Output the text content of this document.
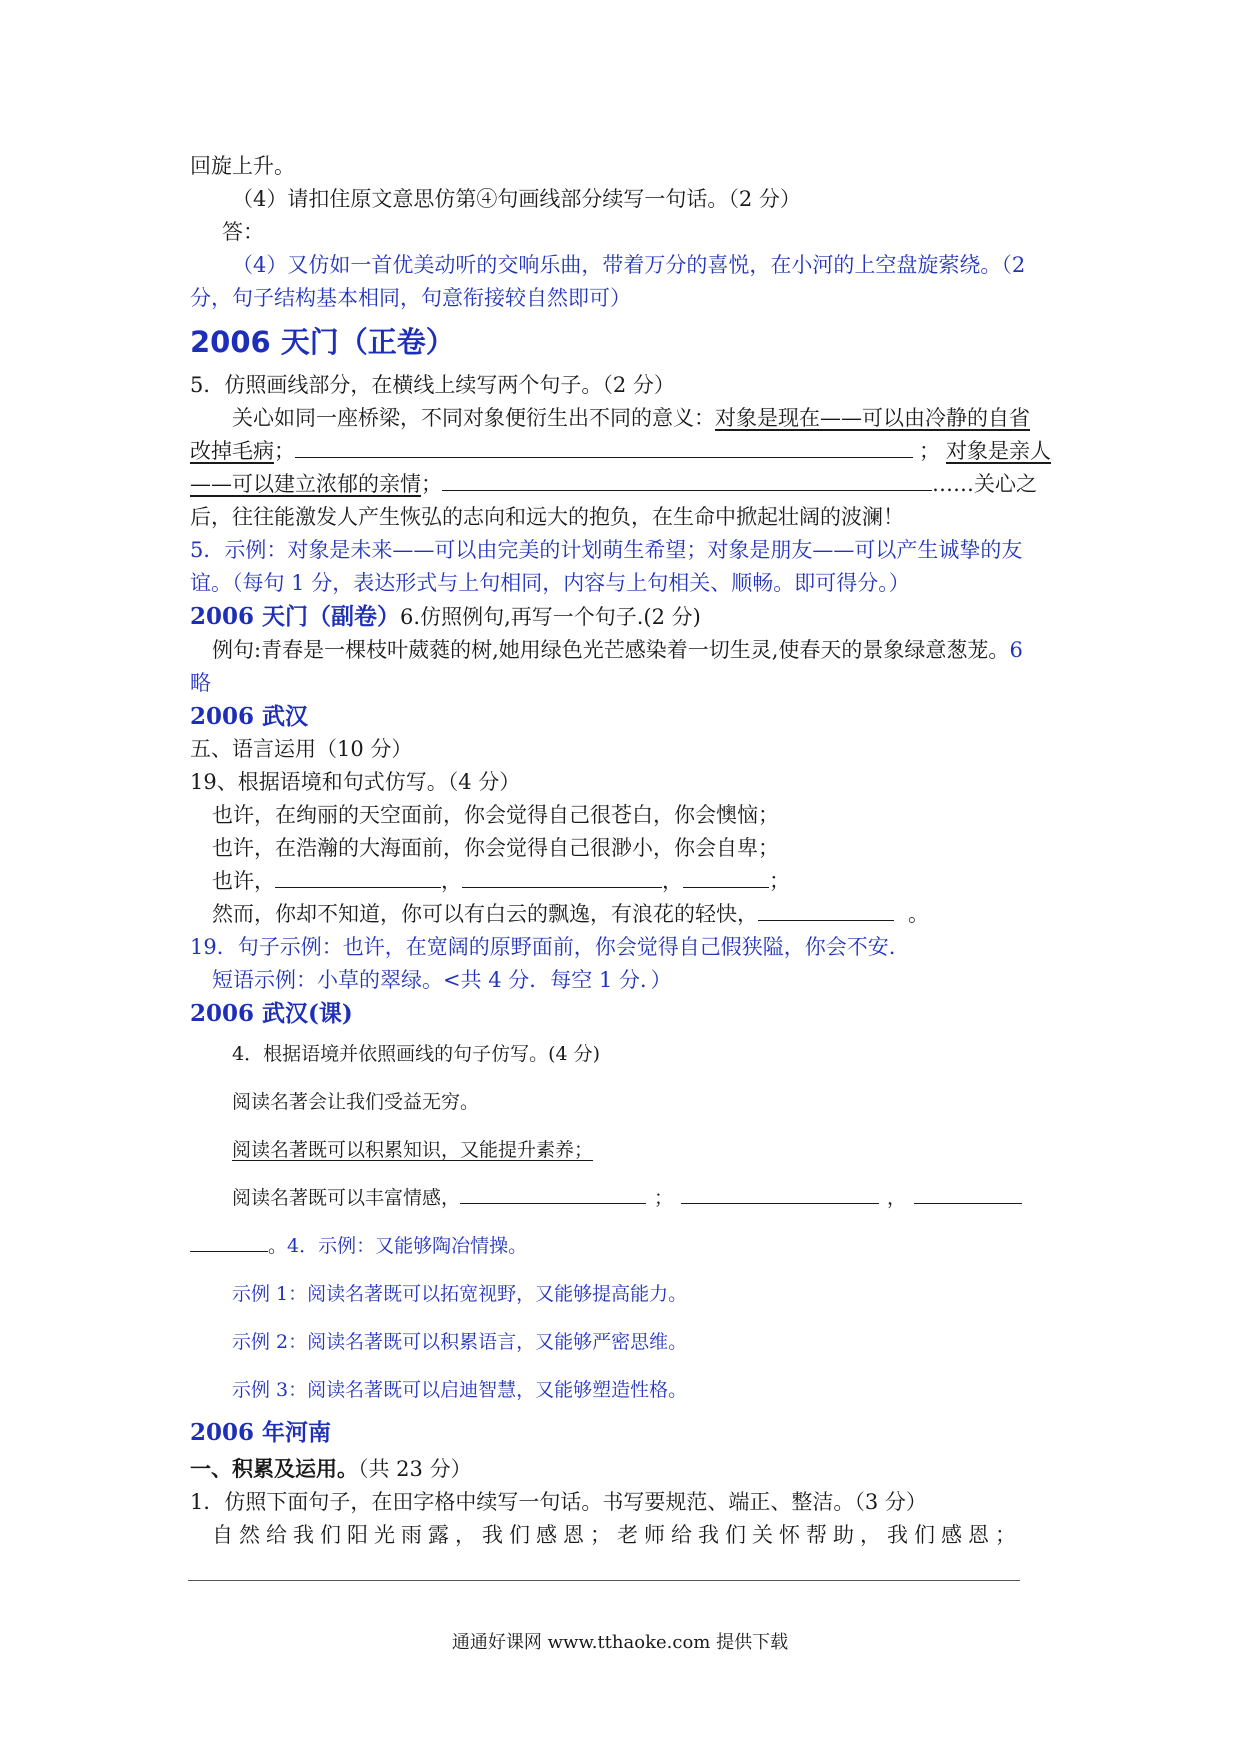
回旋上升。
（4）请扣住原文意思仿第④句画线部分续写一句话。（2 分）
答：
（4）又仿如一首优美动听的交响乐曲，带着万分的喜悦，在小河的上空盘旋萦绕。（2
分，句子结构基本相同，句意衔接较自然即可）
2006 天门（正卷）
5．仿照画线部分，在横线上续写两个句子。（2 分）
关心如同一座桥梁，不同对象便衍生出不同的意义：对象是现在——可以由冷静的自省
改掉毛病；	； 对象是亲人
——可以建立浓郁的亲情；	……关心之
后，往往能激发人产生恢弘的志向和远大的抱负，在生命中掀起壮阔的波澜！
5．示例：对象是未来——可以由完美的计划萌生希望；对象是朋友——可以产生诚挚的友
谊。（每句 1 分，表达形式与上句相同，内容与上句相关、顺畅。即可得分。）
2006 天门（副卷）6.仿照例句,再写一个句子.(2 分)
例句:青春是一棵枝叶葳蕤的树,她用绿色光芒感染着一切生灵,使春天的景象绿意葱茏。6
略
2006 武汉
五、语言运用（10 分）
19、根据语境和句式仿写。（4 分）
也许，在绚丽的天空面前，你会觉得自己很苍白，你会懊恼；
也许，在浩瀚的大海面前，你会觉得自己很渺小，你会自卑；
也许，	，	，	；
然而，你却不知道，你可以有白云的飘逸，有浪花的轻快，	。
19．句子示例：也许，在宽阔的原野面前，你会觉得自己假狭隘，你会不安.
短语示例：小草的翠绿。<共 4 分．每空 1 分．）
2006 武汉(课)
4．根据语境并依照画线的句子仿写。(4 分)
阅读名著会让我们受益无穷。
阅读名著既可以积累知识，又能提升素养；
阅读名著既可以丰富情感，	；	，
。4．示例：又能够陶冶情操。
示例 1：阅读名著既可以拓宽视野，又能够提高能力。
示例 2：阅读名著既可以积累语言，又能够严密思维。
示例 3：阅读名著既可以启迪智慧，又能够塑造性格。
2006 年河南
一、积累及运用。（共 23 分）
1．仿照下面句子，在田字格中续写一句话。书写要规范、端正、整洁。（3 分）
自然给我们阳光雨露，我们感恩；老师给我们关怀帮助，我们感恩；
通通好课网 www.tthaoke.com 提供下载
